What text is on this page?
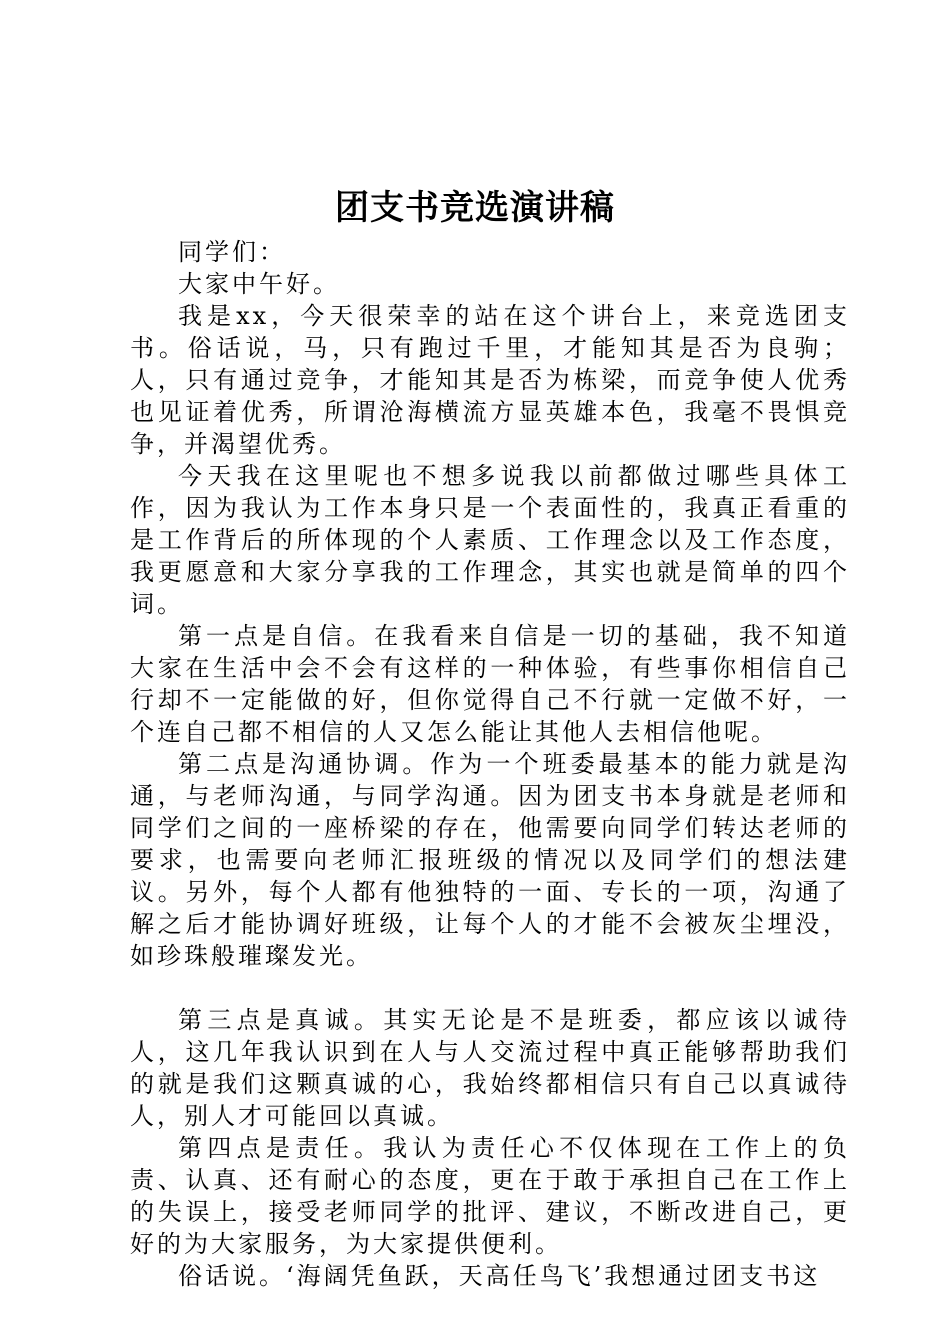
团支书竞选演讲稿

同学们：

大家中午好。

我是xx，今天很荣幸的站在这个讲台上，来竞选团支书。俗话说，马，只有跑过千里，才能知其是否为良驹；人，只有通过竞争，才能知其是否为栋梁，而竞争使人优秀也见证着优秀，所谓沧海横流方显英雄本色，我毫不畏惧竞争，并渴望优秀。

今天我在这里呢也不想多说我以前都做过哪些具体工作，因为我认为工作本身只是一个表面性的，我真正看重的是工作背后的所体现的个人素质、工作理念以及工作态度，我更愿意和大家分享我的工作理念，其实也就是简单的四个词。

第一点是自信。在我看来自信是一切的基础，我不知道大家在生活中会不会有这样的一种体验，有些事你相信自己行却不一定能做的好，但你觉得自己不行就一定做不好，一个连自己都不相信的人又怎么能让其他人去相信他呢。

第二点是沟通协调。作为一个班委最基本的能力就是沟通，与老师沟通，与同学沟通。因为团支书本身就是老师和同学们之间的一座桥梁的存在，他需要向同学们转达老师的要求，也需要向老师汇报班级的情况以及同学们的想法建议。另外，每个人都有他独特的一面、专长的一项，沟通了解之后才能协调好班级，让每个人的才能不会被灰尘埋没，如珍珠般璀璨发光。

第三点是真诚。其实无论是不是班委，都应该以诚待人，这几年我认识到在人与人交流过程中真正能够帮助我们的就是我们这颗真诚的心，我始终都相信只有自己以真诚待人，别人才可能回以真诚。

第四点是责任。我认为责任心不仅体现在工作上的负责、认真、还有耐心的态度，更在于敢于承担自己在工作上的失误上，接受老师同学的批评、建议，不断改进自己，更好的为大家服务，为大家提供便利。

俗话说。‘海阔凭鱼跃，天高任鸟飞’我想通过团支书这
